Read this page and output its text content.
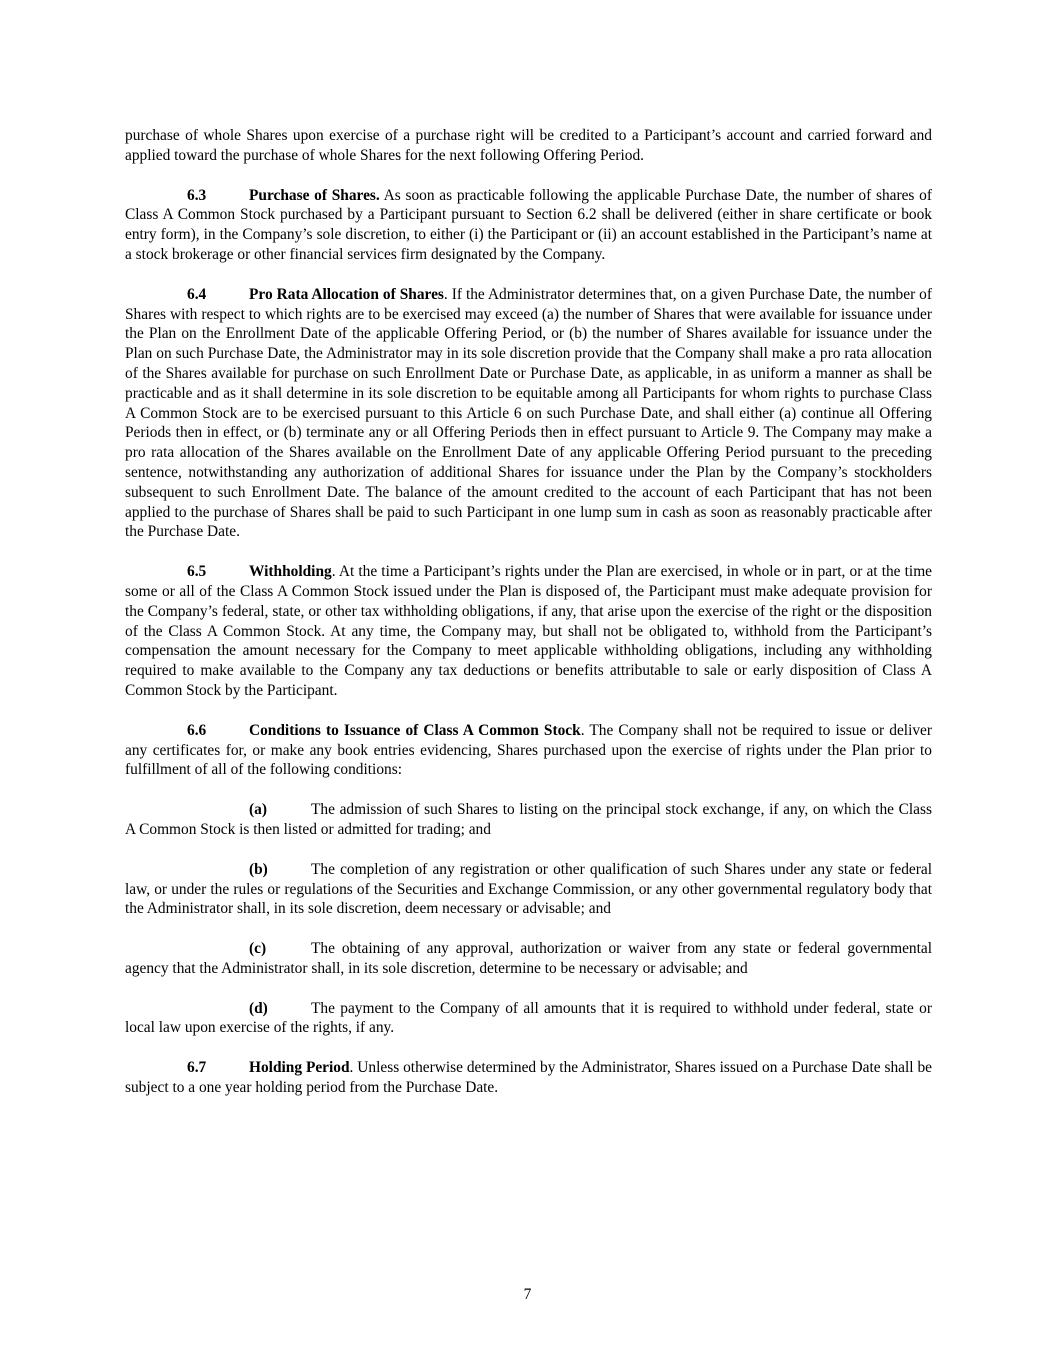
purchase of whole Shares upon exercise of a purchase right will be credited to a Participant’s account and carried forward and applied toward the purchase of whole Shares for the next following Offering Period.

6.3	Purchase of Shares. As soon as practicable following the applicable Purchase Date, the number of shares of Class A Common Stock purchased by a Participant pursuant to Section 6.2 shall be delivered (either in share certificate or book entry form), in the Company’s sole discretion, to either (i) the Participant or (ii) an account established in the Participant’s name at a stock brokerage or other financial services firm designated by the Company.

6.4	Pro Rata Allocation of Shares. If the Administrator determines that, on a given Purchase Date, the number of Shares with respect to which rights are to be exercised may exceed (a) the number of Shares that were available for issuance under the Plan on the Enrollment Date of the applicable Offering Period, or (b) the number of Shares available for issuance under the Plan on such Purchase Date, the Administrator may in its sole discretion provide that the Company shall make a pro rata allocation of the Shares available for purchase on such Enrollment Date or Purchase Date, as applicable, in as uniform a manner as shall be practicable and as it shall determine in its sole discretion to be equitable among all Participants for whom rights to purchase Class A Common Stock are to be exercised pursuant to this Article 6 on such Purchase Date, and shall either (a) continue all Offering Periods then in effect, or (b) terminate any or all Offering Periods then in effect pursuant to Article 9. The Company may make a pro rata allocation of the Shares available on the Enrollment Date of any applicable Offering Period pursuant to the preceding sentence, notwithstanding any authorization of additional Shares for issuance under the Plan by the Company’s stockholders subsequent to such Enrollment Date. The balance of the amount credited to the account of each Participant that has not been applied to the purchase of Shares shall be paid to such Participant in one lump sum in cash as soon as reasonably practicable after the Purchase Date.

6.5	Withholding. At the time a Participant’s rights under the Plan are exercised, in whole or in part, or at the time some or all of the Class A Common Stock issued under the Plan is disposed of, the Participant must make adequate provision for the Company’s federal, state, or other tax withholding obligations, if any, that arise upon the exercise of the right or the disposition of the Class A Common Stock. At any time, the Company may, but shall not be obligated to, withhold from the Participant’s compensation the amount necessary for the Company to meet applicable withholding obligations, including any withholding required to make available to the Company any tax deductions or benefits attributable to sale or early disposition of Class A Common Stock by the Participant.

6.6	Conditions to Issuance of Class A Common Stock. The Company shall not be required to issue or deliver any certificates for, or make any book entries evidencing, Shares purchased upon the exercise of rights under the Plan prior to fulfillment of all of the following conditions:

(a)	The admission of such Shares to listing on the principal stock exchange, if any, on which the Class A Common Stock is then listed or admitted for trading; and

(b)	The completion of any registration or other qualification of such Shares under any state or federal law, or under the rules or regulations of the Securities and Exchange Commission, or any other governmental regulatory body that the Administrator shall, in its sole discretion, deem necessary or advisable; and

(c)	The obtaining of any approval, authorization or waiver from any state or federal governmental agency that the Administrator shall, in its sole discretion, determine to be necessary or advisable; and

(d)	The payment to the Company of all amounts that it is required to withhold under federal, state or local law upon exercise of the rights, if any.

6.7	Holding Period. Unless otherwise determined by the Administrator, Shares issued on a Purchase Date shall be subject to a one year holding period from the Purchase Date.

7
